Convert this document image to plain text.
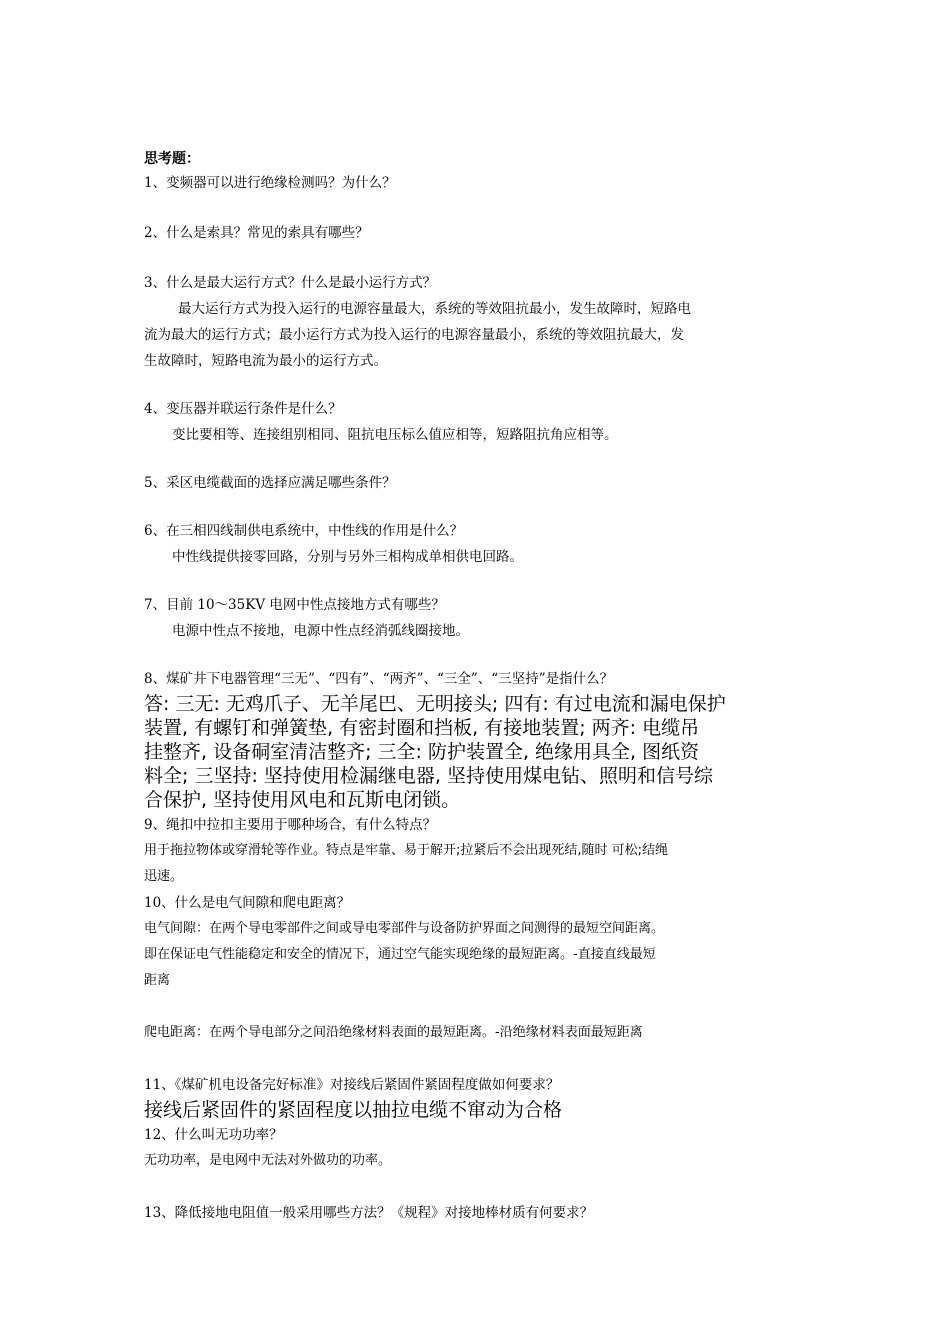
思考题：
1、变频器可以进行绝缘检测吗？为什么？
2、什么是索具？常见的索具有哪些？
3、什么是最大运行方式？什么是最小运行方式？
最大运行方式为投入运行的电源容量最大，系统的等效阻抗最小，发生故障时，短路电
流为最大的运行方式；最小运行方式为投入运行的电源容量最小，系统的等效阻抗最大，发
生故障时，短路电流为最小的运行方式。
4、变压器并联运行条件是什么？
变比要相等、连接组别相同、阻抗电压标么值应相等，短路阻抗角应相等。
5、采区电缆截面的选择应满足哪些条件？
6、在三相四线制供电系统中，中性线的作用是什么？
中性线提供接零回路，分别与另外三相构成单相供电回路。
7、目前 10～35KV 电网中性点接地方式有哪些？
电源中性点不接地，电源中性点经消弧线圈接地。
8、煤矿井下电器管理“三无”、“四有”、“两齐”、“三全”、“三坚持”是指什么？
答: 三无: 无鸡爪子、无羊尾巴、无明接头; 四有: 有过电流和漏电保护
装置, 有螺钉和弹簧垫, 有密封圈和挡板, 有接地装置; 两齐: 电缆吊
挂整齐, 设备硐室清洁整齐; 三全: 防护装置全, 绝缘用具全, 图纸资
料全; 三坚持: 坚持使用检漏继电器, 坚持使用煤电钻、照明和信号综
合保护, 坚持使用风电和瓦斯电闭锁。
9、绳扣中拉扣主要用于哪种场合，有什么特点？
用于拖拉物体或穿滑轮等作业。特点是牢靠、易于解开;拉紧后不会出现死结,随时 可松;结绳
迅速。
10、什么是电气间隙和爬电距离？
电气间隙：在两个导电零部件之间或导电零部件与设备防护界面之间测得的最短空间距离。
即在保证电气性能稳定和安全的情况下，通过空气能实现绝缘的最短距离。-直接直线最短
距离
爬电距离：在两个导电部分之间沿绝缘材料表面的最短距离。-沿绝缘材料表面最短距离
11、《煤矿机电设备完好标准》对接线后紧固件紧固程度做如何要求？
接线后紧固件的紧固程度以抽拉电缆不窜动为合格
12、什么叫无功功率？
无功功率，是电网中无法对外做功的功率。
13、降低接地电阻值一般采用哪些方法？《规程》对接地棒材质有何要求？
